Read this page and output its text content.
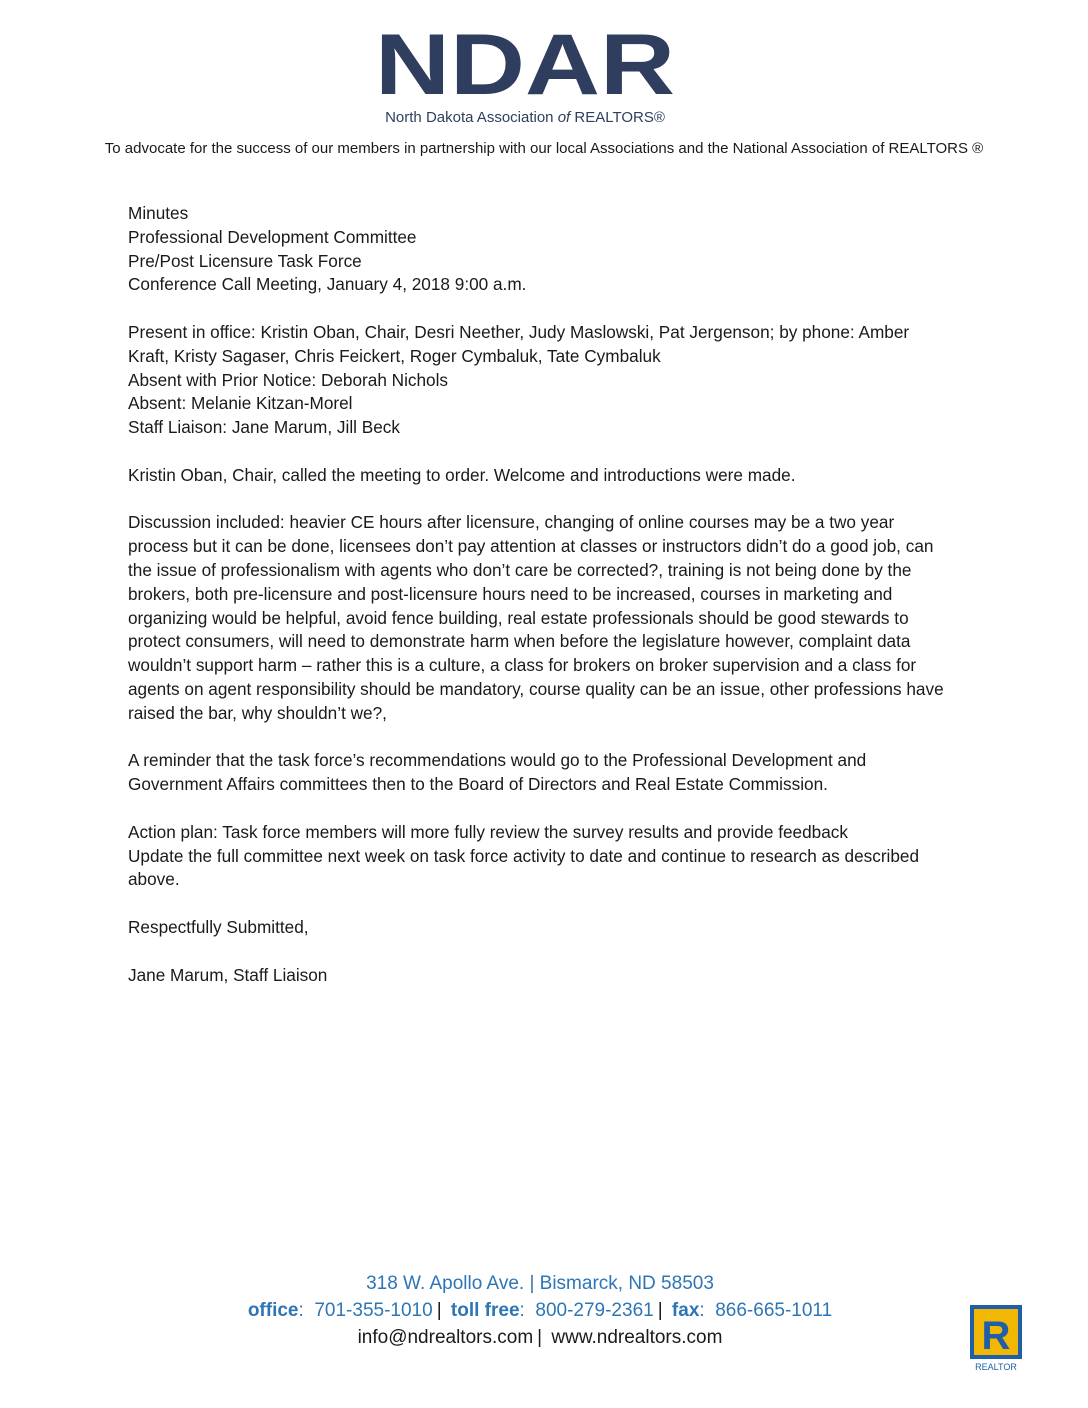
NDAR
North Dakota Association of REALTORS®
To advocate for the success of our members in partnership with our local Associations and the National Association of REALTORS ®

Minutes
Professional Development Committee
Pre/Post Licensure Task Force
Conference Call Meeting, January 4, 2018 9:00 a.m.

Present in office: Kristin Oban, Chair, Desri Neether, Judy Maslowski, Pat Jergenson; by phone: Amber Kraft, Kristy Sagaser, Chris Feickert, Roger Cymbaluk, Tate Cymbaluk
Absent with Prior Notice: Deborah Nichols
Absent: Melanie Kitzan-Morel
Staff Liaison: Jane Marum, Jill Beck

Kristin Oban, Chair, called the meeting to order. Welcome and introductions were made.

Discussion included: heavier CE hours after licensure, changing of online courses may be a two year process but it can be done, licensees don’t pay attention at classes or instructors didn’t do a good job, can the issue of professionalism with agents who don’t care be corrected?, training is not being done by the brokers, both pre-licensure and post-licensure hours need to be increased, courses in marketing and organizing would be helpful, avoid fence building, real estate professionals should be good stewards to protect consumers, will need to demonstrate harm when before the legislature however, complaint data wouldn’t support harm – rather this is a culture, a class for brokers on broker supervision and a class for agents on agent responsibility should be mandatory, course quality can be an issue, other professions have raised the bar, why shouldn’t we?,

A reminder that the task force’s recommendations would go to the Professional Development and Government Affairs committees then to the Board of Directors and Real Estate Commission.

Action plan: Task force members will more fully review the survey results and provide feedback
Update the full committee next week on task force activity to date and continue to research as described above.

Respectfully Submitted,

Jane Marum, Staff Liaison

318 W. Apollo Ave. | Bismarck, ND 58503
office:  701-355-1010 | toll free:  800-279-2361 | fax:  866-665-1011
info@ndrealtors.com | www.ndrealtors.com	R
REALTOR
